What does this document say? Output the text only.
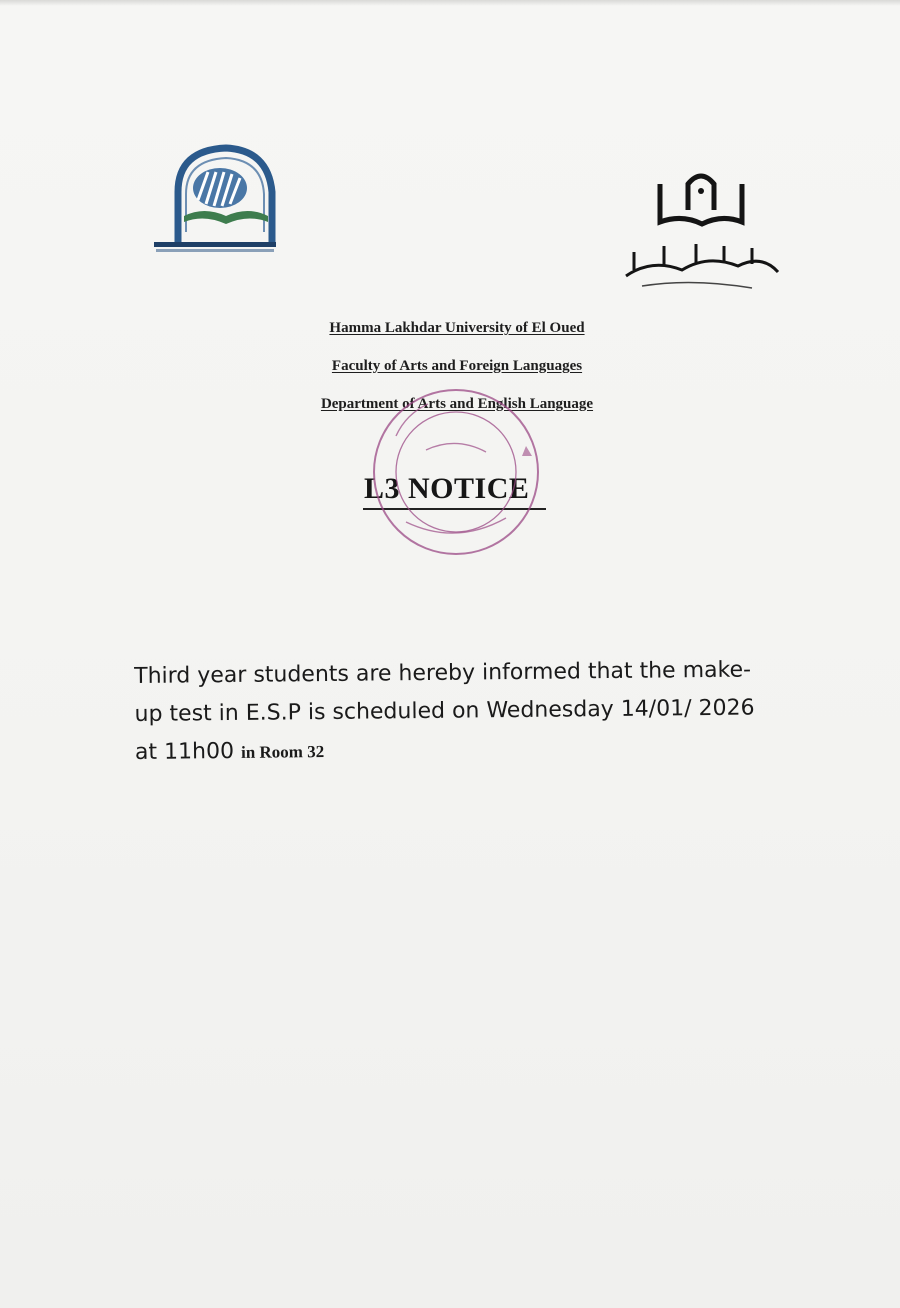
Hamma Lakhdar University of El Oued
Faculty of Arts and Foreign Languages
Department of Arts and English Language
L3 NOTICE
Third year students are hereby informed that the make-up test in E.S.P is scheduled on Wednesday 14/01/ 2026 at 11h00 in Room 32
